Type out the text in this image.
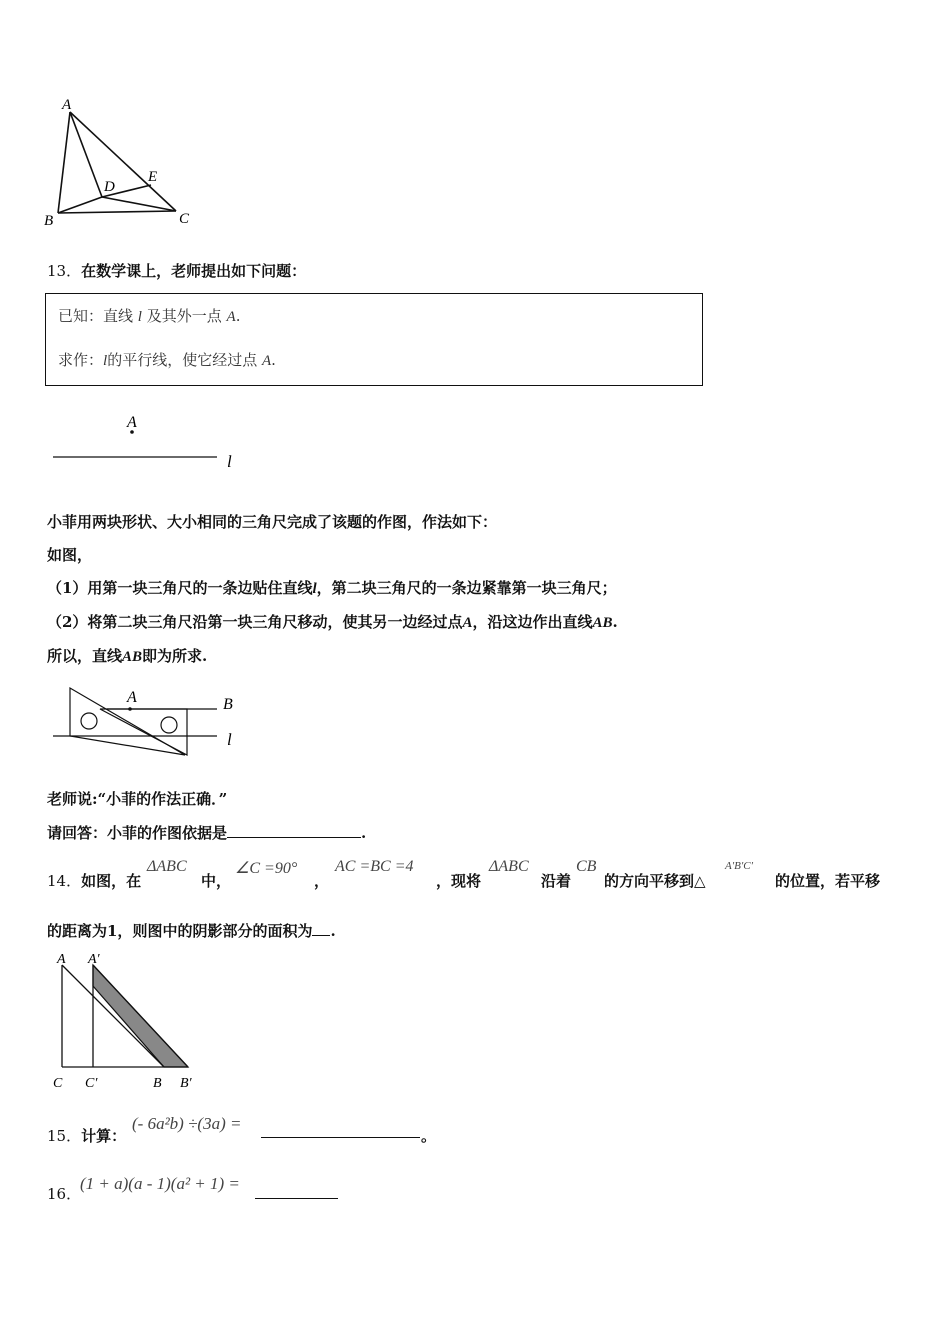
A
B	C
D
E
13．在数学课上，老师提出如下问题：
已知：直线 l 及其外一点 A.
求作：l的平行线，使它经过点 A.
A
l
小菲用两块形状、大小相同的三角尺完成了该题的作图，作法如下：
如图，
（1）用第一块三角尺的一条边贴住直线l，第二块三角尺的一条边紧靠第一块三角尺；
（2）将第二块三角尺沿第一块三角尺移动，使其另一边经过点A，沿这边作出直线AB.
所以，直线AB即为所求.
A	B
l
老师说:“小菲的作法正确．”
请回答：小菲的作图依据是	.
14．如图，在
ΔABC
中，
∠C =90°
，
AC =BC =4
，现将
ΔABC
沿着
CB
的方向平移到△
A′B′C′
的位置，若平移
的距离为1，则图中的阴影部分的面积为 .
A A′
C C′	B B′
15．计算：
(- 6a²b) ÷(3a) =
。
16．
(1 + a)(a - 1)(a² + 1) =
